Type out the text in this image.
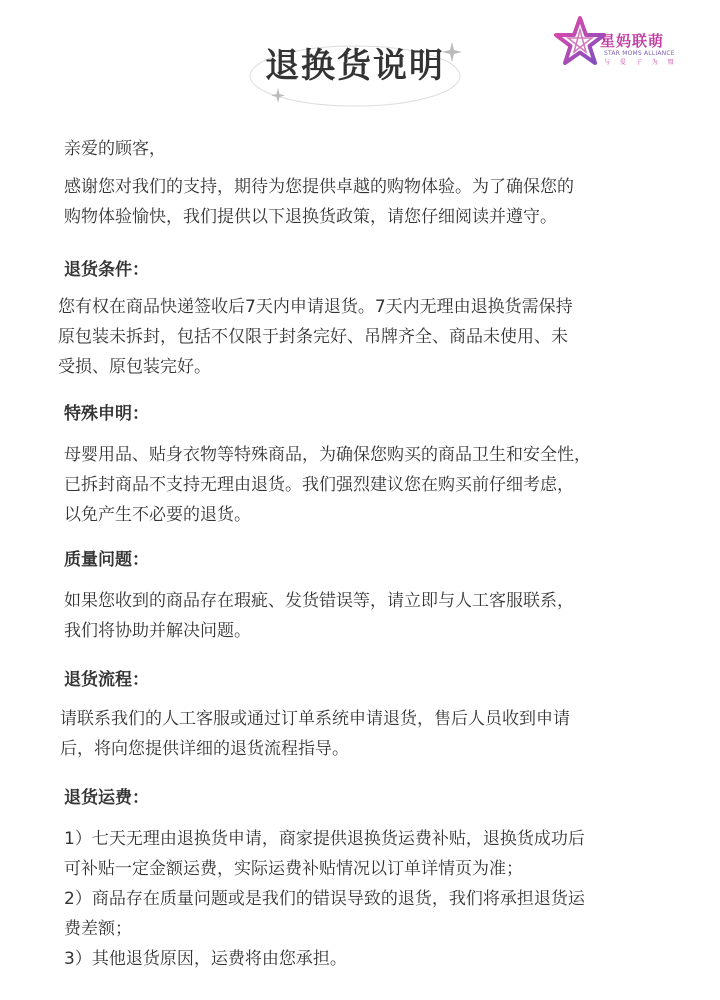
退换货说明
星妈联萌
STAR MOMS ALLIANCE
与 爱 子 为 盟
亲爱的顾客，
感谢您对我们的支持，期待为您提供卓越的购物体验。为了确保您的
购物体验愉快，我们提供以下退换货政策，请您仔细阅读并遵守。
退货条件：
您有权在商品快递签收后7天内申请退货。7天内无理由退换货需保持
原包装未拆封，包括不仅限于封条完好、吊牌齐全、商品未使用、未
受损、原包装完好。
特殊申明：
母婴用品、贴身衣物等特殊商品，为确保您购买的商品卫生和安全性，
已拆封商品不支持无理由退货。我们强烈建议您在购买前仔细考虑，
以免产生不必要的退货。
质量问题：
如果您收到的商品存在瑕疵、发货错误等，请立即与人工客服联系，
我们将协助并解决问题。
退货流程：
请联系我们的人工客服或通过订单系统申请退货，售后人员收到申请
后，将向您提供详细的退货流程指导。
退货运费：
1）七天无理由退换货申请，商家提供退换货运费补贴，退换货成功后
可补贴一定金额运费，实际运费补贴情况以订单详情页为准；
2）商品存在质量问题或是我们的错误导致的退货，我们将承担退货运
费差额；
3）其他退货原因，运费将由您承担。
